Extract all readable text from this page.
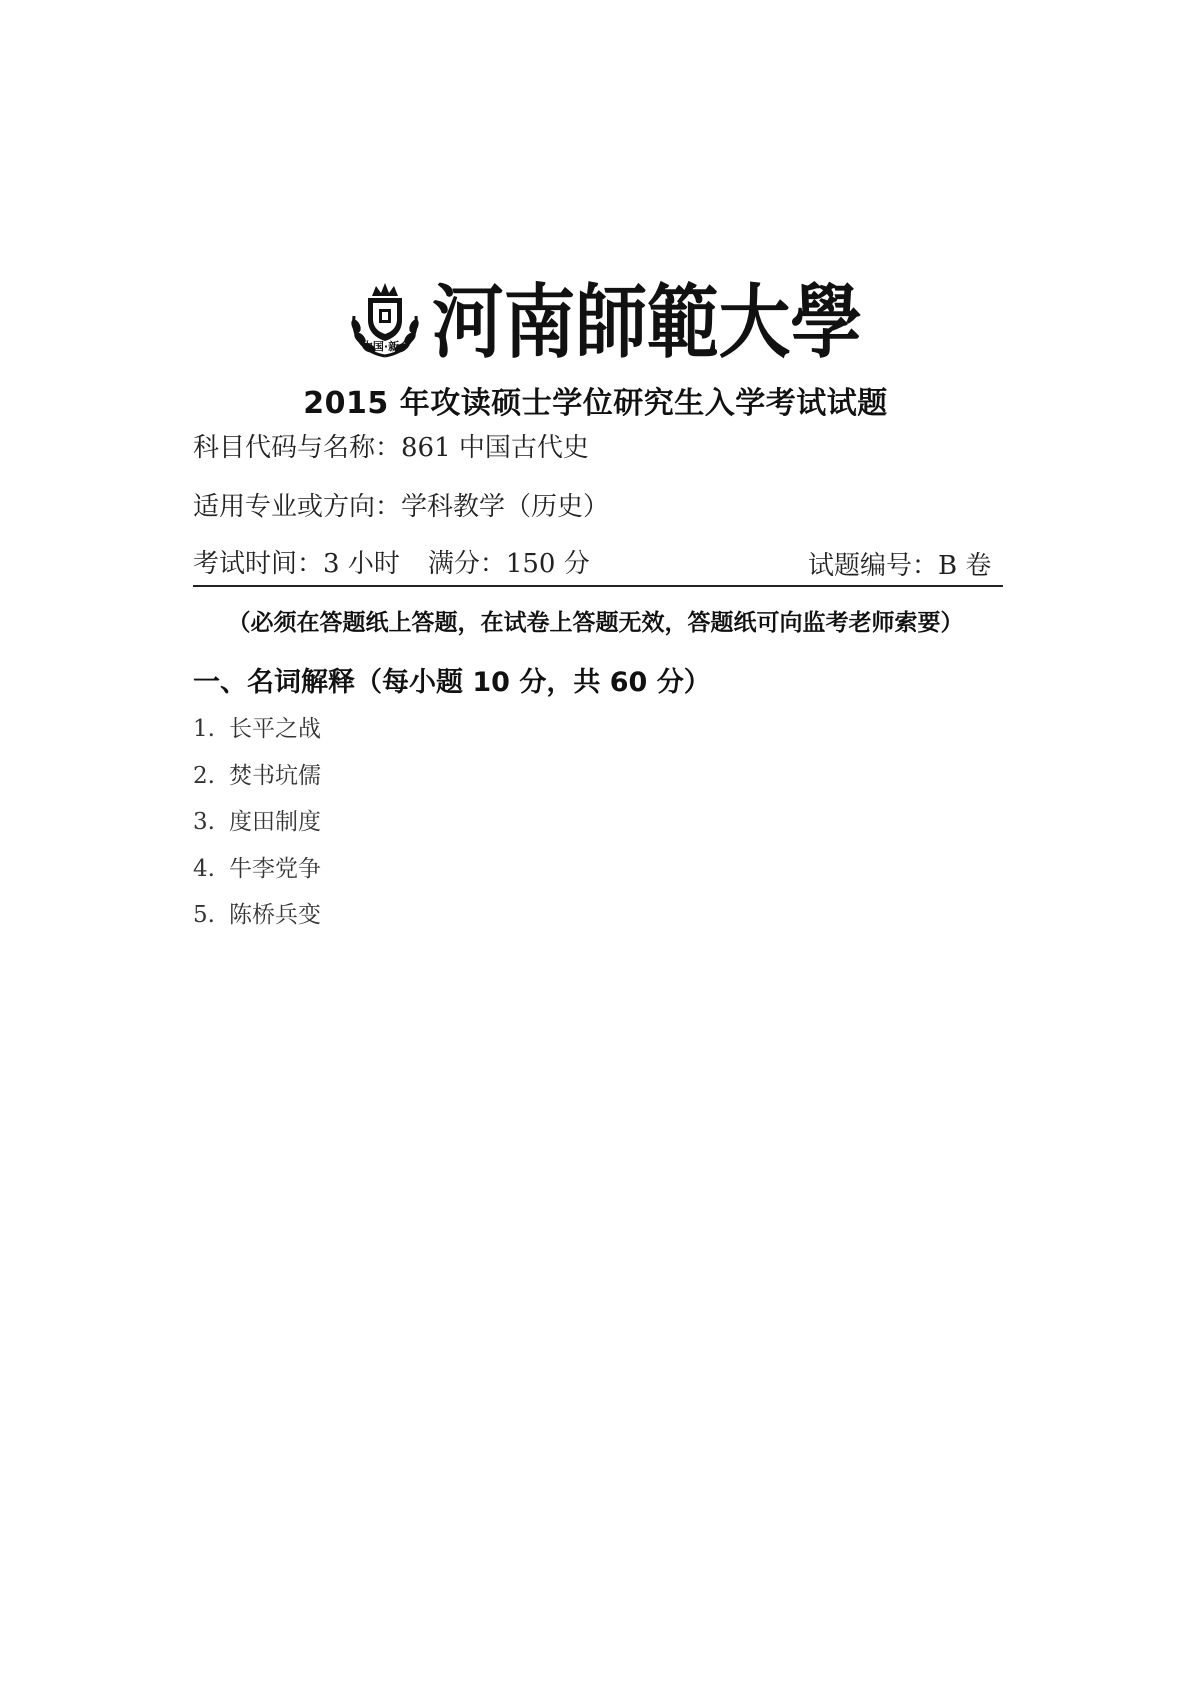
中国·新乡 河南師範大學
2015 年攻读硕士学位研究生入学考试试题
科目代码与名称：861 中国古代史
适用专业或方向：学科教学（历史）
考试时间：3 小时 满分：150 分	试题编号：B 卷
（必须在答题纸上答题，在试卷上答题无效，答题纸可向监考老师索要）
一、名词解释（每小题 10 分，共 60 分）
1. 长平之战
2. 焚书坑儒
3. 度田制度
4. 牛李党争
5. 陈桥兵变
